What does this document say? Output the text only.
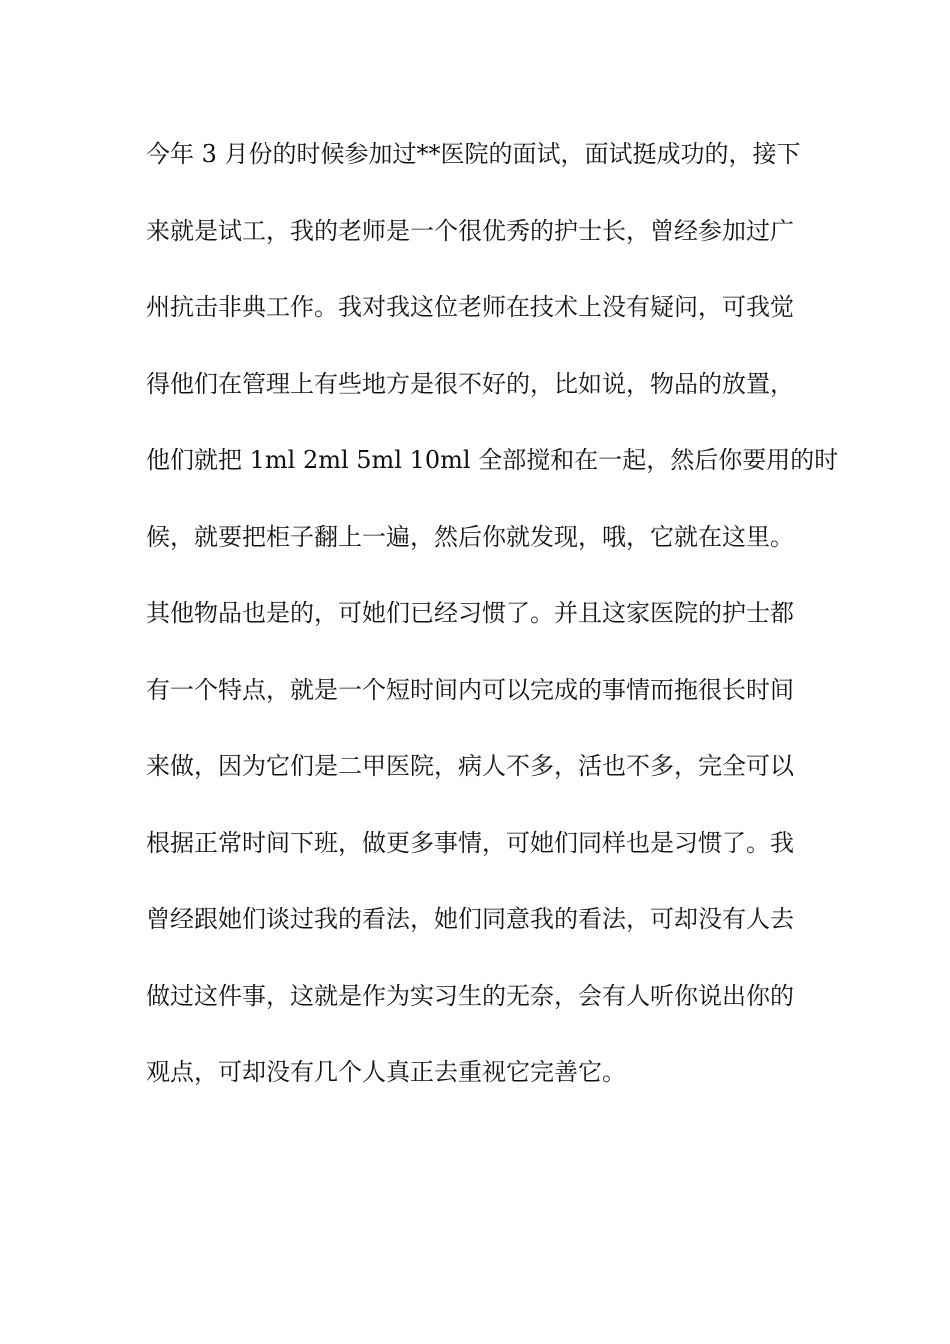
今年 3 月份的时候参加过**医院的面试，面试挺成功的，接下
来就是试工，我的老师是一个很优秀的护士长，曾经参加过广
州抗击非典工作。我对我这位老师在技术上没有疑问，可我觉
得他们在管理上有些地方是很不好的，比如说，物品的放置，
他们就把 1ml 2ml 5ml 10ml 全部搅和在一起，然后你要用的时
候，就要把柜子翻上一遍，然后你就发现，哦，它就在这里。
其他物品也是的，可她们已经习惯了。并且这家医院的护士都
有一个特点，就是一个短时间内可以完成的事情而拖很长时间
来做，因为它们是二甲医院，病人不多，活也不多，完全可以
根据正常时间下班，做更多事情，可她们同样也是习惯了。我
曾经跟她们谈过我的看法，她们同意我的看法，可却没有人去
做过这件事，这就是作为实习生的无奈，会有人听你说出你的
观点，可却没有几个人真正去重视它完善它。
